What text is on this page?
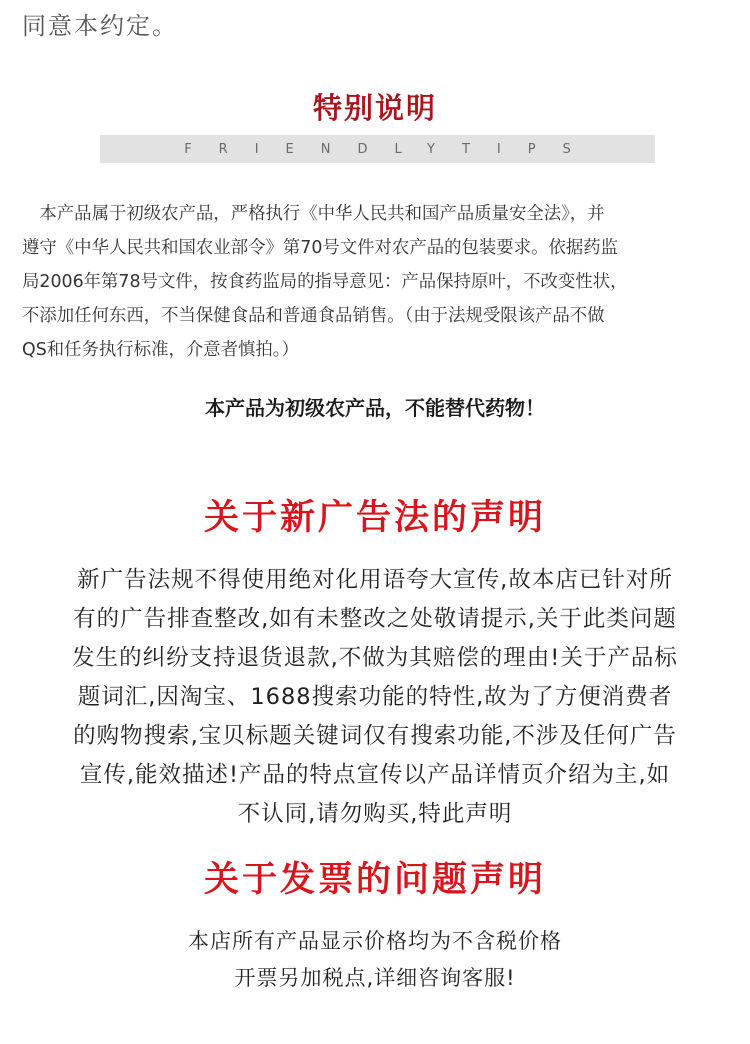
同意本约定。
特别说明
FRIENDLYTIPS
　本产品属于初级农产品，严格执行《中华人民共和国产品质量安全法》，并
遵守《中华人民共和国农业部令》第70号文件对农产品的包装要求。依据药监
局2006年第78号文件，按食药监局的指导意见：产品保持原叶，不改变性状，
不添加任何东西，不当保健食品和普通食品销售。（由于法规受限该产品不做
QS和任务执行标准，介意者慎拍。）
本产品为初级农产品，不能替代药物！
关于新广告法的声明
新广告法规不得使用绝对化用语夸大宣传,故本店已针对所
有的广告排查整改,如有未整改之处敬请提示,关于此类问题
发生的纠纷支持退货退款,不做为其赔偿的理由!关于产品标
题词汇,因淘宝、1688搜索功能的特性,故为了方便消费者
的购物搜索,宝贝标题关键词仅有搜索功能,不涉及任何广告
宣传,能效描述!产品的特点宣传以产品详情页介绍为主,如
不认同,请勿购买,特此声明
关于发票的问题声明
本店所有产品显示价格均为不含税价格
开票另加税点,详细咨询客服!
